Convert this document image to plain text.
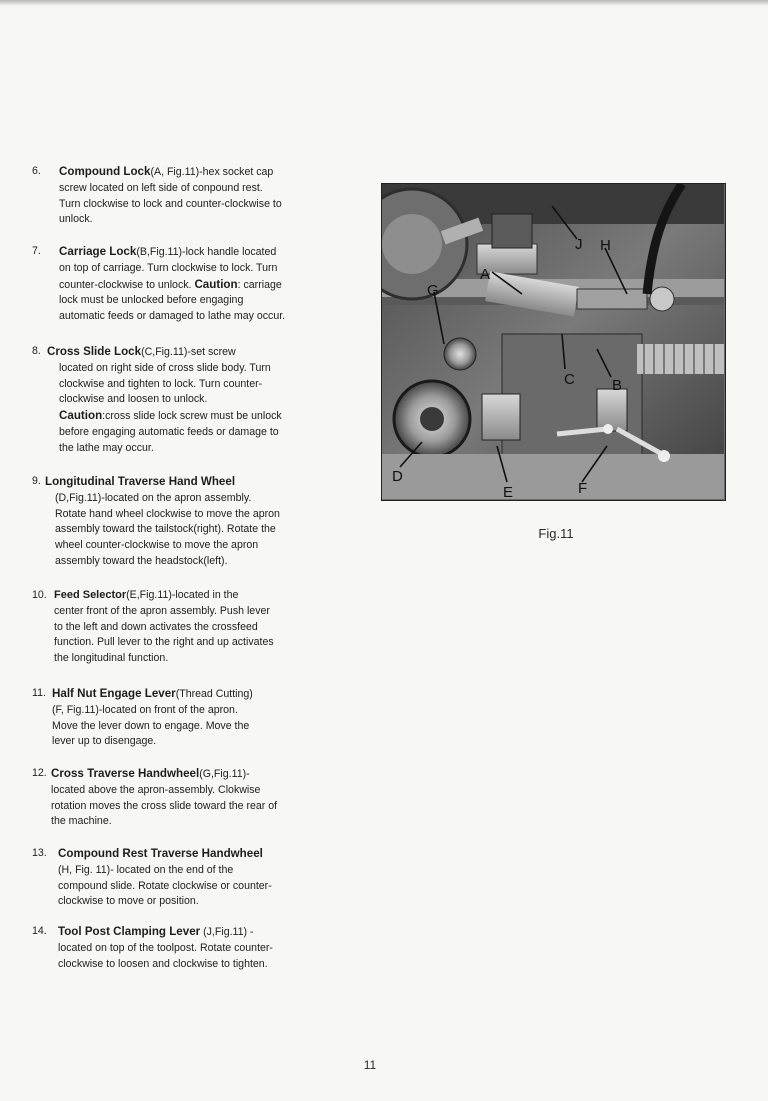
6. Compound Lock(A, Fig.11)-hex socket cap
screw located on left side of conpound rest.
Turn clockwise to lock and counter-clockwise to
unlock.
7. Carriage Lock(B,Fig.11)-lock handle located
on top of carriage. Turn clockwise to lock. Turn
counter-clockwise to unlock. Caution: carriage
lock must be unlocked before engaging
automatic feeds or damaged to lathe may occur.
8. Cross Slide Lock(C,Fig.11)-set screw
located on right side of cross slide body. Turn
clockwise and tighten to lock. Turn counter-
clockwise and loosen to unlock.
Caution:cross slide lock screw must be unlock
before engaging automatic feeds or damage to
the lathe may occur.
9. Longitudinal Traverse Hand Wheel
(D,Fig.11)-located on the apron assembly.
Rotate hand wheel clockwise to move the apron
assembly toward the tailstock(right). Rotate the
wheel counter-clockwise to move the apron
assembly toward the headstock(left).
10. Feed Selector(E,Fig.11)-located in the
center front of the apron assembly. Push lever
to the left and down activates the crossfeed
function. Pull lever to the right and up activates
the longitudinal function.
11. Half Nut Engage Lever(Thread Cutting)
(F, Fig.11)-located on front of the apron.
Move the lever down to engage. Move the
lever up to disengage.
12. Cross Traverse Handwheel(G,Fig.11)-
located above the apron-assembly. Clokwise
rotation moves the cross slide toward the rear of
the machine.
13. Compound Rest Traverse Handwheel
(H, Fig. 11)- located on the end of the
compound slide. Rotate clockwise or counter-
clockwise to move or position.
14. Tool Post Clamping Lever (J,Fig.11) -
located on top of the toolpost. Rotate counter-
clockwise to loosen and clockwise to tighten.
J H
G
A
C B
D
E	F
Fig.11
11
